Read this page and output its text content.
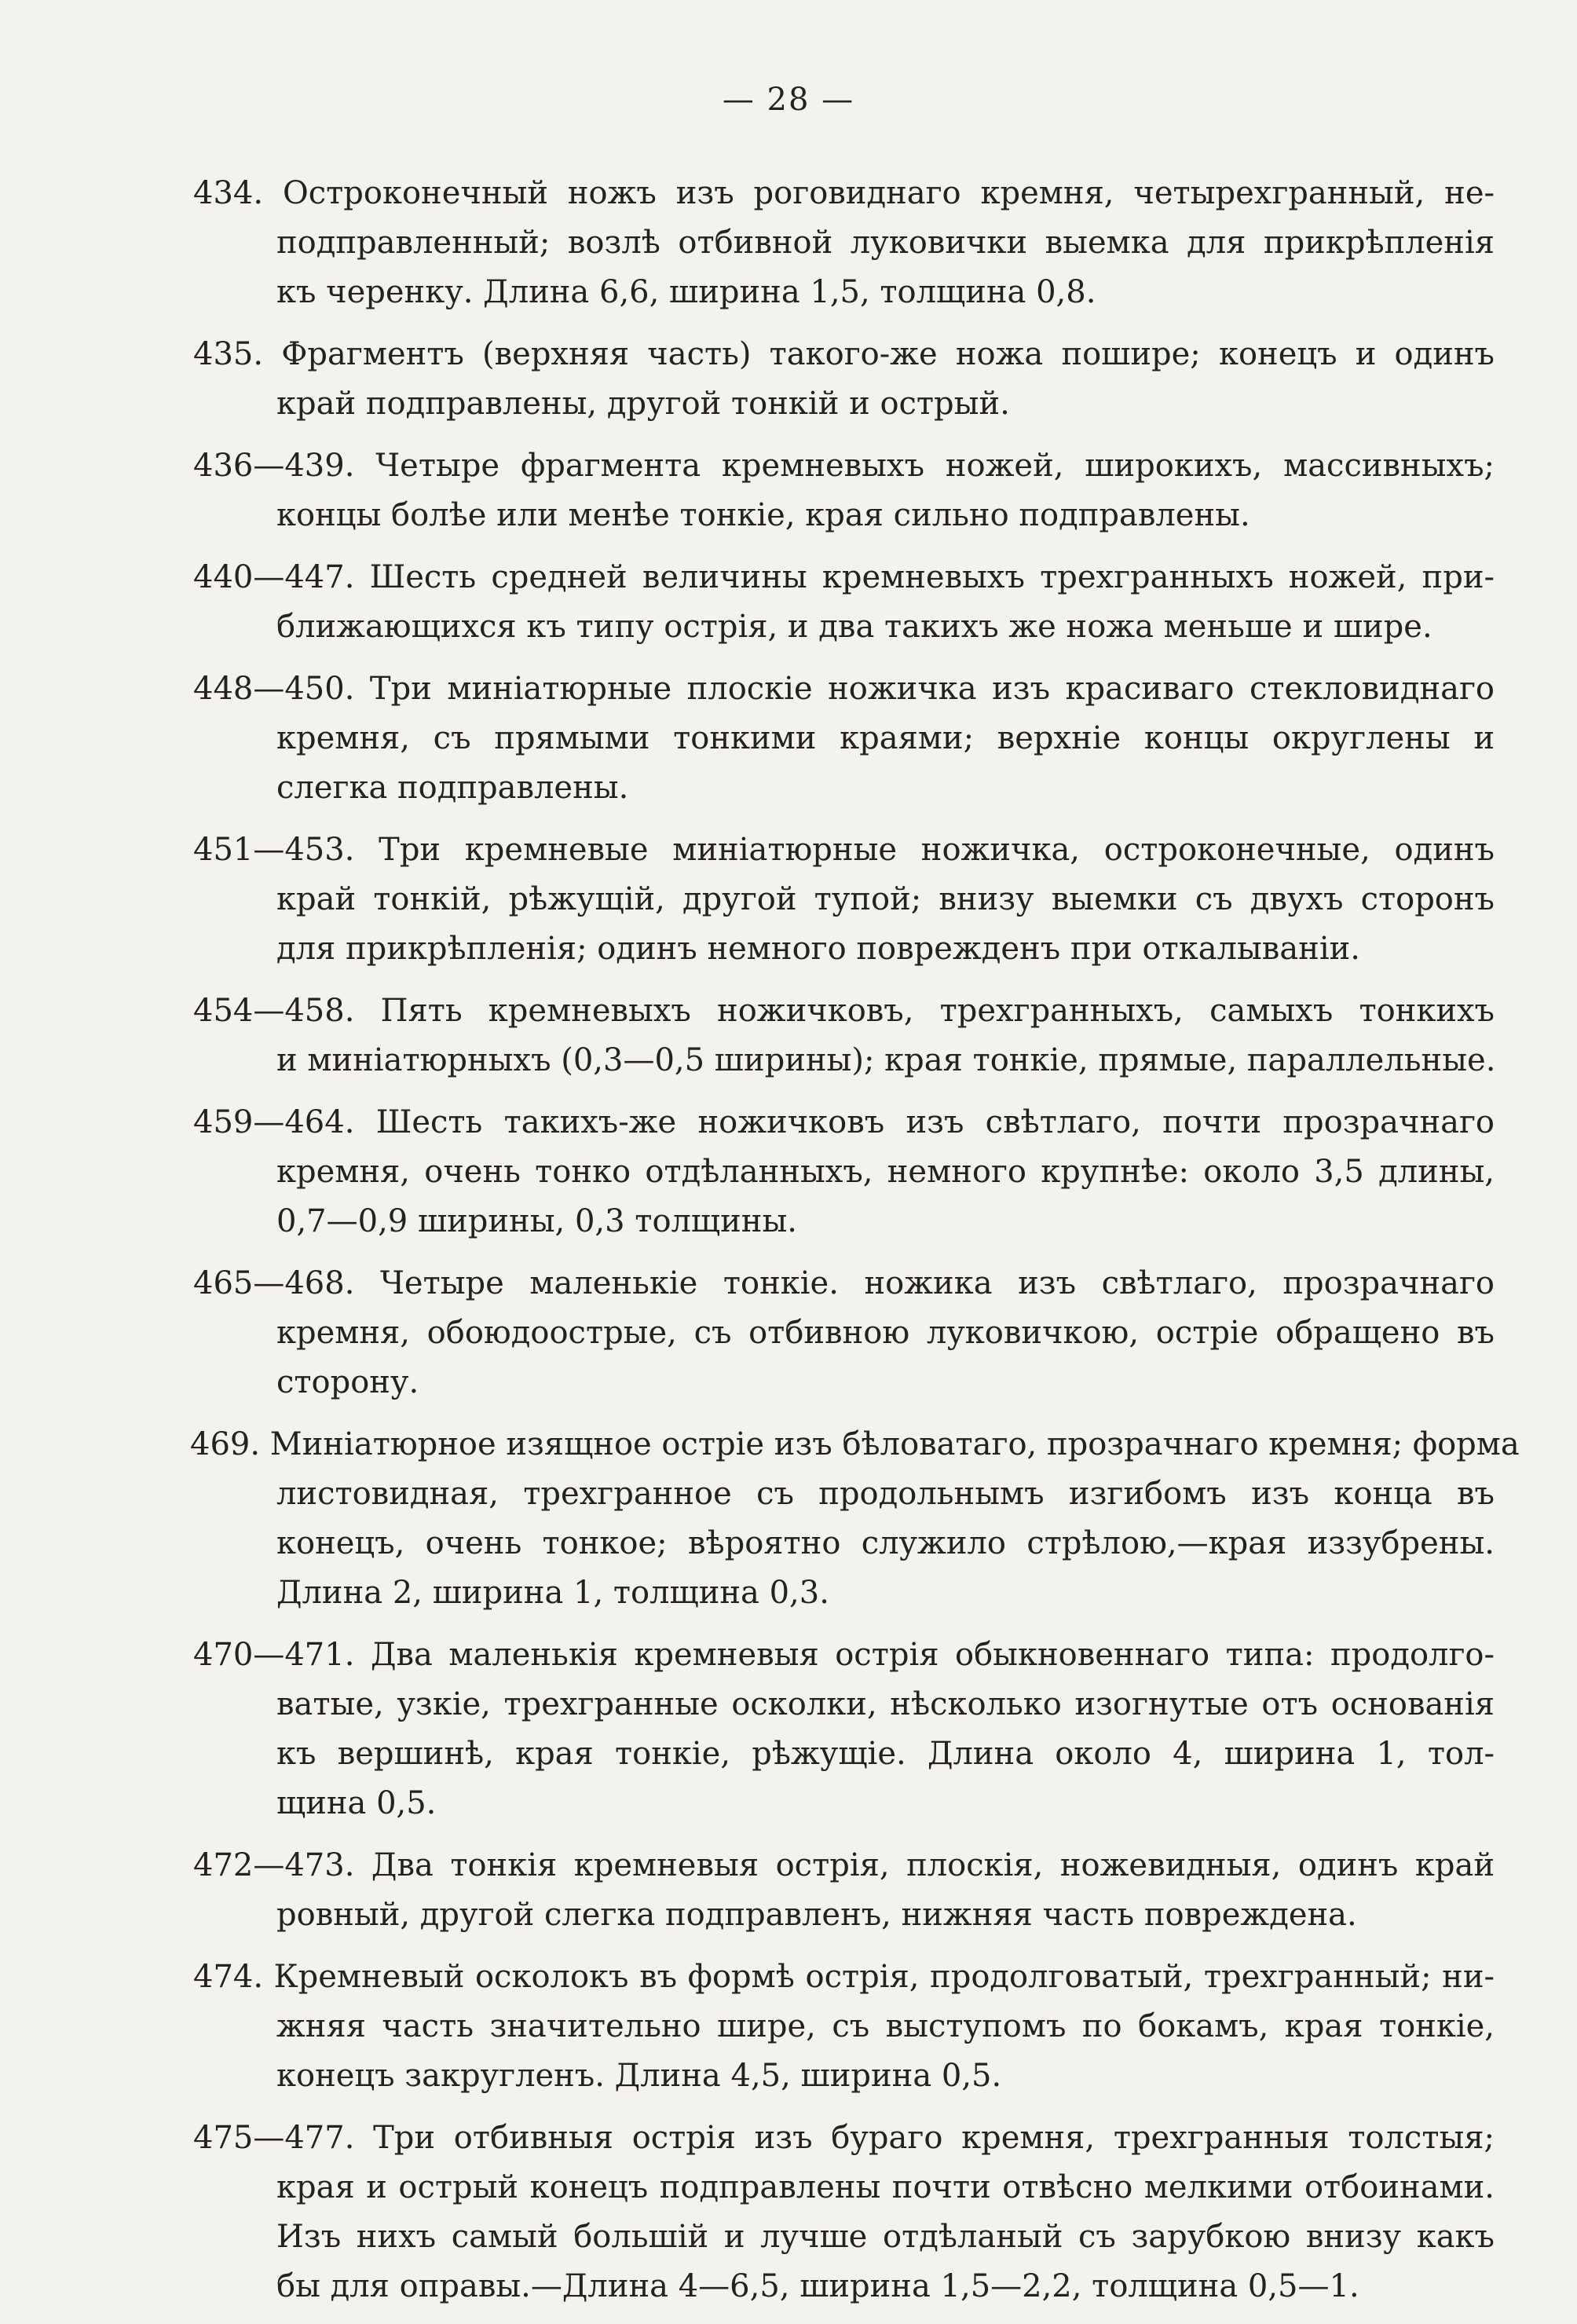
— 28 —
434. Остроконечный ножъ изъ роговиднаго кремня, четырехгранный, не-
подправленный; возлѣ отбивной луковички выемка для прикрѣпленія
къ черенку. Длина 6,6, ширина 1,5, толщина 0,8.
435. Фрагментъ (верхняя часть) такого-же ножа пошире; конецъ и одинъ
край подправлены, другой тонкій и острый.
436—439. Четыре фрагмента кремневыхъ ножей, широкихъ, массивныхъ;
концы болѣе или менѣе тонкіе, края сильно подправлены.
440—447. Шесть средней величины кремневыхъ трехгранныхъ ножей, при-
ближающихся къ типу острія, и два такихъ же ножа меньше и шире.
448—450. Три миніатюрные плоскіе ножичка изъ красиваго стекловиднаго
кремня, съ прямыми тонкими краями; верхніе концы округлены и
слегка подправлены.
451—453. Три кремневые миніатюрные ножичка, остроконечные, одинъ
край тонкій, рѣжущій, другой тупой; внизу выемки съ двухъ сторонъ
для прикрѣпленія; одинъ немного поврежденъ при откалываніи.
454—458. Пять кремневыхъ ножичковъ, трехгранныхъ, самыхъ тонкихъ
и миніатюрныхъ (0,3—0,5 ширины); края тонкіе, прямые, параллельные.
459—464. Шесть такихъ-же ножичковъ изъ свѣтлаго, почти прозрачнаго
кремня, очень тонко отдѣланныхъ, немного крупнѣе: около 3,5 длины,
0,7—0,9 ширины, 0,3 толщины.
465—468. Четыре маленькіе тонкіе. ножика изъ свѣтлаго, прозрачнаго
кремня, обоюдоострые, съ отбивною луковичкою, остріе обращено въ
сторону.
469. Миніатюрное изящное остріе изъ бѣловатаго, прозрачнаго кремня; форма
листовидная, трехгранное съ продольнымъ изгибомъ изъ конца въ
конецъ, очень тонкое; вѣроятно служило стрѣлою,—края иззубрены.
Длина 2, ширина 1, толщина 0,3.
470—471. Два маленькія кремневыя острія обыкновеннаго типа: продолго-
ватые, узкіе, трехгранные осколки, нѣсколько изогнутые отъ основанія
къ вершинѣ, края тонкіе, рѣжущіе. Длина около 4, ширина 1, тол-
щина 0,5.
472—473. Два тонкія кремневыя острія, плоскія, ножевидныя, одинъ край
ровный, другой слегка подправленъ, нижняя часть повреждена.
474. Кремневый осколокъ въ формѣ острія, продолговатый, трехгранный; ни-
жняя часть значительно шире, съ выступомъ по бокамъ, края тонкіе,
конецъ закругленъ. Длина 4,5, ширина 0,5.
475—477. Три отбивныя острія изъ бураго кремня, трехгранныя толстыя;
края и острый конецъ подправлены почти отвѣсно мелкими отбоинами.
Изъ нихъ самый большій и лучше отдѣланый съ зарубкою внизу какъ
бы для оправы.—Длина 4—6,5, ширина 1,5—2,2, толщина 0,5—1.
